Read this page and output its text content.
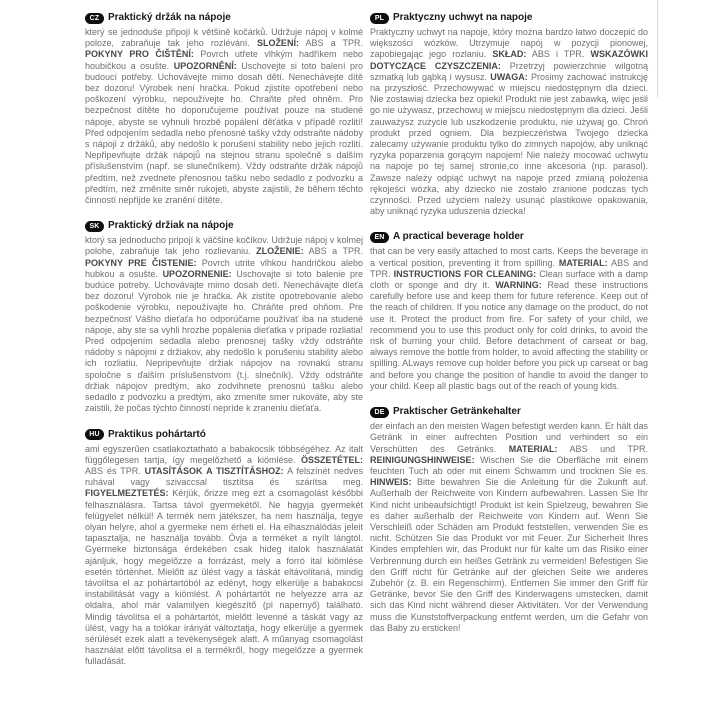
CZ Praktický držák na nápoje

který se jednoduše připojí k většině kočárků. Udržuje nápoj v kolmé poloze, zabraňuje tak jeho rozlévání. SLOŽENÍ: ABS a TPR. POKYNY PRO ČIŠTĚNÍ: Povrch utřete vlhkým hadříkem nebo houbičkou a osušte. UPOZORNĚNÍ: Uschovejte si toto balení pro budoucí potřeby. Uchovávejte mimo dosah dětí. Nenechávejte dítě bez dozoru! Výrobek není hračka. Pokud zjistíte opotřebení nebo poškození výrobku, nepoužívejte ho. Chraňte před ohněm. Pro bezpečnost dítěte ho doporučujeme používat pouze na studené nápoje, abyste se vyhnuli hrozbě popálení děťátka v případě rozlití! Před odpojením sedadla nebo přenosné tašky vždy odstraňte nádoby s nápoji z držáků, aby nedošlo k porušení stability nebo jejich rozlití. Nepřipevňujte držák nápojů na stejnou stranu společně s dalším příslušenstvím (např. se slunečníkem). Vždy odstraňte držák nápojů předtím, než zvednete přenosnou tašku nebo sedadlo z podvozku a předtím, než změníte směr rukojeti, abyste zajistili, že během těchto činností nepřijde ke zranění dítěte.

SK Praktický držiak na nápoje

ktorý sa jednoducho pripojí k väčšine kočíkov. Udržuje nápoj v kolmej polohe, zabraňuje tak jeho rozlievaniu. ZLOŽENIE: ABS a TPR. POKYNY PRE ČISTENIE: Povrch utrite vlhkou handričkou alebo hubkou a osušte. UPOZORNENIE: Uschovajte si toto balenie pre budúce potreby. Uchovávajte mimo dosah detí. Nenechávajte dieťa bez dozoru! Výrobok nie je hračka. Ak zistíte opotrebovanie alebo poškodenie výrobku, nepoužívajte ho. Chráňte pred ohňom. Pre bezpečnosť Vášho dieťaťa ho odporúčame používať iba na studené nápoje, aby ste sa vyhli hrozbe popálenia dieťatka v prípade rozliatia! Pred odpojením sedadla alebo prenosnej tašky vždy odstráňte nádoby s nápojmi z držiakov, aby nedošlo k porušeniu stability alebo ich rozliatiu. Nepripevňujte držiak nápojov na rovnakú stranu spoločne s ďalším príslušenstvom (t.j. slnečník). Vždy odstráňte držiak nápojov predtým, ako zodvihnete prenosnú tašku alebo sedadlo z podvozku a predtým, ako zmeníte smer rukoväte, aby ste zaistili, že počas týchto činností nepríde k zraneniu dieťaťa.

HU Praktikus pohártartó

ami egyszerűen csatlakoztatható a babakocsik többségéhez. Az italt függőlegesen tartja, így megelőzhető a kiömlése. ÖSSZETÉTEL: ABS és TPR. UTASÍTÁSOK A TISZTÍTÁSHOZ: A felszínét nedves ruhával vagy szivaccsal tisztítsa és szárítsa meg. FIGYELMEZTETÉS: Kérjük, őrizze meg ezt a csomagolást későbbi felhasználásra. Tartsa távol gyermekétől. Ne hagyja gyermekét felügyelet nélkül! A termék nem játékszer, ha nem használja, tegye olyan helyre, ahol a gyermeke nem érheti el. Ha elhasználódás jeleit tapasztalja, ne használja tovább. Óvja a terméket a nyílt lángtól. Gyermeke biztonsága érdekében csak hideg italok használatát ajánljuk, hogy megelőzze a forrázást, mely a forró ital kiömlése esetén történhet. Mielőtt az ülést vagy a táskát eltávolítaná, mindig távolítsa el az pohártartóból az edényt, hogy elkerülje a babakocsi instabilitását vagy a kiömlést. A pohártartót ne helyezze arra az oldalra, ahol már valamilyen kiegészítő (pl napernyő) található. Mindig távolítsa el a pohártartót, mielőtt levenné a táskát vagy az ülést, vagy ha a tolókar irányát változtatja, hogy elkerülje a gyermek sérülését ezek alatt a tevékenységek alatt. A műanyag csomagolást használat előtt távolítsa el a termékről, hogy megelőzze a gyermek fulladását.

PL Praktyczny uchwyt na napoje

Praktyczny uchwyt na napoje, który można bardzo łatwo doczepić do większości wózków. Utrzymuje napój w pozycji pionowej, zapobiegając jego rozlaniu. SKŁAD: ABS i TPR. WSKAZÓWKI DOTYCZĄCE CZYSZCZENIA: Przetrzyj powierzchnie wilgotną szmatką lub gąbką i wysusz. UWAGA: Prosimy zachować instrukcję na przyszłość. Przechowywać w miejscu niedostępnym dla dzieci. Nie zostawiaj dziecka bez opieki! Produkt nie jest zabawką, więc jeśli go nie używasz, przechowuj w miejscu niedostępnym dla dzieci. Jeśli zauważysz zużycie lub uszkodzenie produktu, nie używaj go. Chroń produkt przed ogniem. Dla bezpieczeństwa Twojego dziecka zalecamy używanie produktu tylko do zimnych napojów, aby uniknąć ryzyka poparzenia gorącym napojem! Nie należy mocować uchwytu na napoje po tej samej stronie,co inne akcesoria (np. parasol). Zawsze należy odpiąć uchwyt na napoje przed zmianą położenia rękojeści wózka, aby dziecko nie zostało zranione podczas tych czynności. Przed użyciem należy usunąć plastikowe opakowania, aby uniknąć ryzyka uduszenia dziecka!

EN A practical beverage holder

that can be very easily attached to most carts. Keeps the beverage in a vertical position, preventing it from spilling. MATERIAL: ABS and TPR. INSTRUCTIONS FOR CLEANING: Clean surface with a damp cloth or sponge and dry it. WARNING: Read these instructions carefully before use and keep them for future reference. Keep out of the reach of children. If you notice any damage on the product, do not use it. Protect the product from fire. For safety of your child, we recommend you to use this product only for cold drinks, to avoid the risk of burning your child. Before detachment of carseat or bag, always remove the bottle from holder, to avoid affecting the stability or spilling. ALways remove cup holder before you pick up carseat or bag and before you change the position of handle to avoid the danger to your child. Keep all plastic bags out of the reach of young kids.

DE Praktischer Getränkehalter

der einfach an den meisten Wagen befestigt werden kann. Er hält das Getränk in einer aufrechten Position und verhindert so ein Verschütten des Getränks. MATERIAL: ABS und TPR. REINIGUNGSHINWEISE: Wischen Sie die Oberfläche mit einem feuchten Tuch ab oder mit einem Schwamm und trocknen Sie es. HINWEIS: Bitte bewahren Sie die Anleitung für die Zukunft auf. Außerhalb der Reichweite von Kindern aufbewahren. Lassen Sie Ihr Kind nicht unbeaufsichtigt! Produkt ist kein Spielzeug, bewahren Sie es daher außerhalb der Reichweite von Kindern auf. Wenn Sie Verschleiß oder Schäden am Produkt feststellen, verwenden Sie es nicht. Schützen Sie das Produkt vor mit Feuer. Zur Sicherheit Ihres Kindes empfehlen wir, das Produkt nur für kalte um das Risiko einer Verbrennung durch ein heißes Getränk zu vermeiden! Befestigen Sie den Griff nicht für Getränke auf der gleichen Seite wie anderes Zubehör (z. B. ein Regenschirm). Entfernen Sie immer den Griff für Getränke, bevor Sie den Griff des Kinderwagens umstecken, damit sich das Kind nicht während dieser Aktivitäten. Vor der Verwendung muss die Kunststoffverpackung entfernt werden, um die Gefahr von das Baby zu ersticken!
